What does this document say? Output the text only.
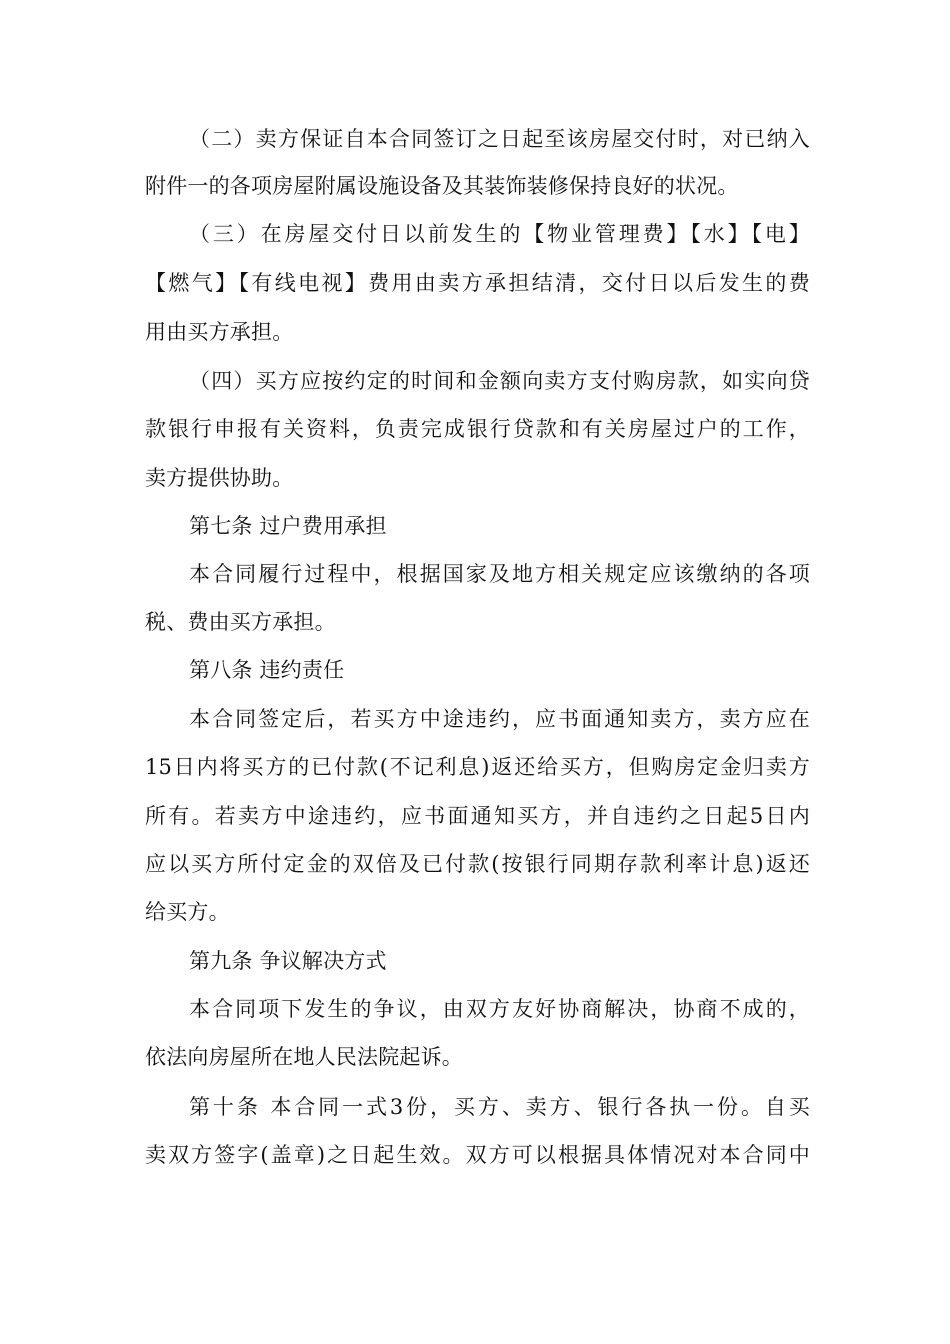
（二）卖方保证自本合同签订之日起至该房屋交付时，对已纳入
附件一的各项房屋附属设施设备及其装饰装修保持良好的状况。
（三）在房屋交付日以前发生的【物业管理费】【水】【电】
【燃气】【有线电视】费用由卖方承担结清，交付日以后发生的费
用由买方承担。
（四）买方应按约定的时间和金额向卖方支付购房款，如实向贷
款银行申报有关资料，负责完成银行贷款和有关房屋过户的工作，
卖方提供协助。
第七条 过户费用承担
本合同履行过程中，根据国家及地方相关规定应该缴纳的各项
税、费由买方承担。
第八条 违约责任
本合同签定后，若买方中途违约，应书面通知卖方，卖方应在
15日内将买方的已付款(不记利息)返还给买方，但购房定金归卖方
所有。若卖方中途违约，应书面通知买方，并自违约之日起5日内
应以买方所付定金的双倍及已付款(按银行同期存款利率计息)返还
给买方。
第九条 争议解决方式
本合同项下发生的争议，由双方友好协商解决，协商不成的，
依法向房屋所在地人民法院起诉。
第十条 本合同一式3份，买方、卖方、银行各执一份。自买
卖双方签字(盖章)之日起生效。双方可以根据具体情况对本合同中
